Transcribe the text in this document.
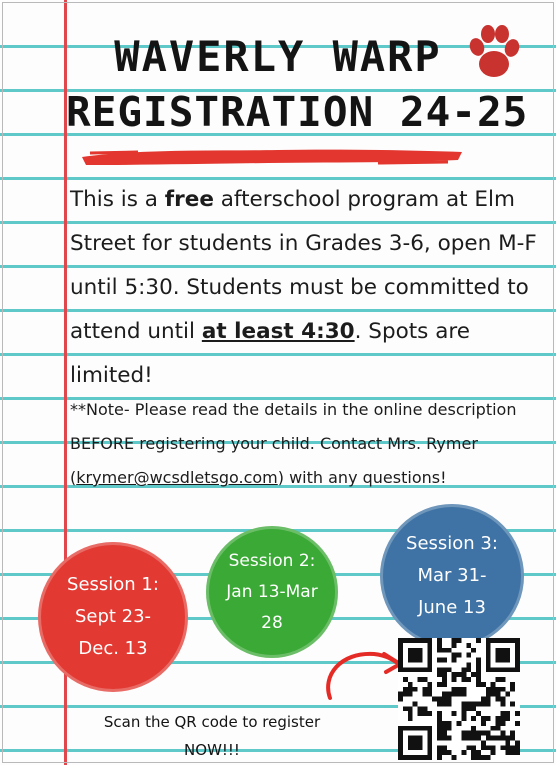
WAVERLY WARP
REGISTRATION 24-25
This is a free afterschool program at Elm Street for students in Grades 3-6, open M-F until 5:30. Students must be committed to attend until at least 4:30. Spots are limited!
**Note- Please read the details in the online description BEFORE registering your child. Contact Mrs. Rymer (krymer@wcsdletsgo.com) with any questions!
Session 1:
Sept 23-
Dec. 13
Session 2:
Jan 13-Mar
28
Session 3:
Mar 31-
June 13
Scan the QR code to register
NOW!!!
